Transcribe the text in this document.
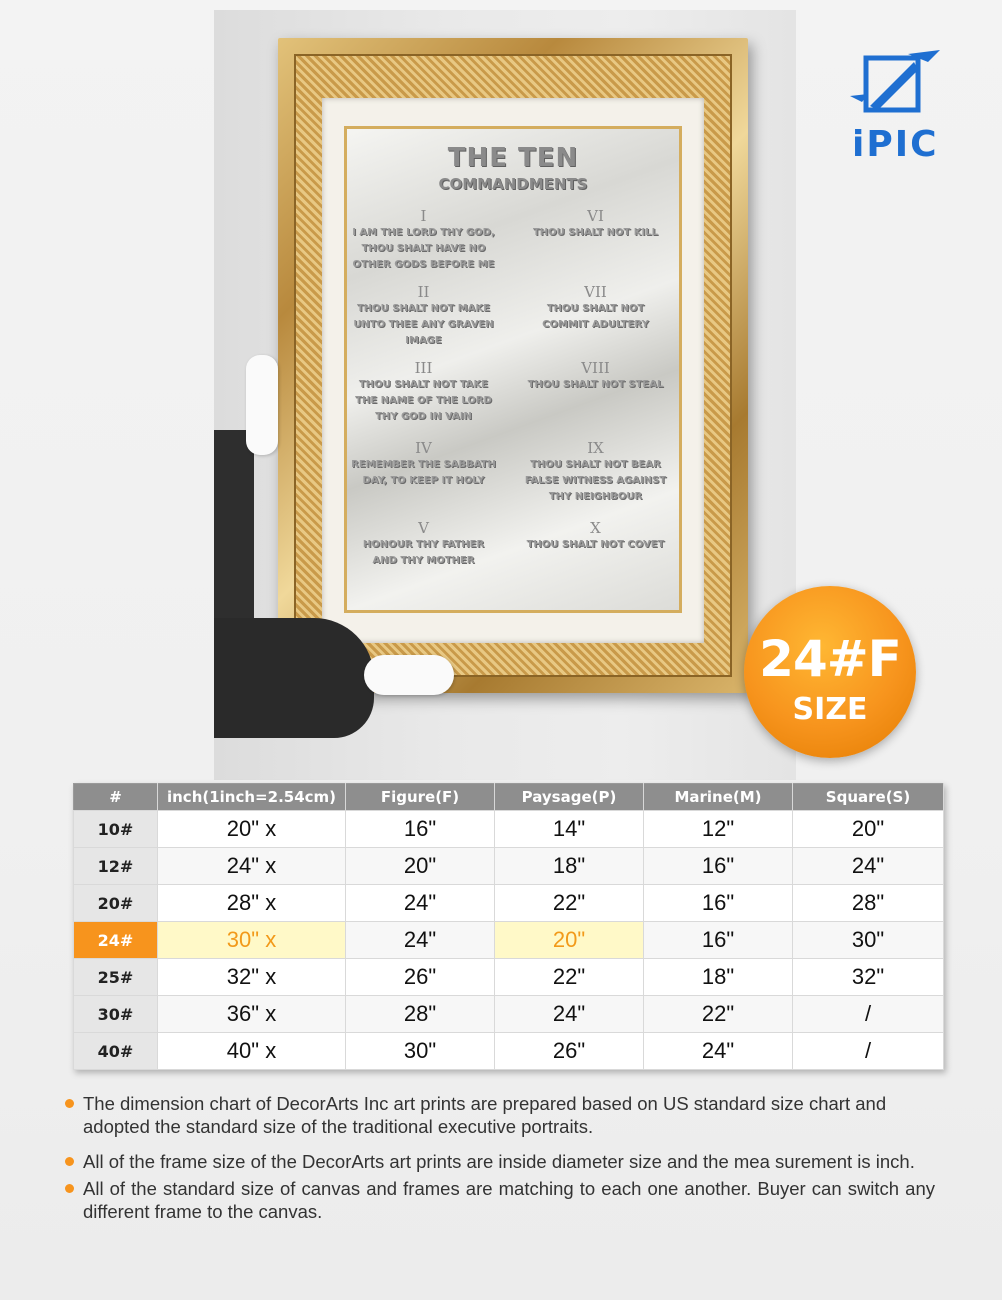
THE TEN
COMMANDMENTS
I
I AM THE LORD THY GOD, THOU SHALT HAVE NO OTHER GODS BEFORE ME
VI
THOU SHALT NOT KILL
II
THOU SHALT NOT MAKE UNTO THEE ANY GRAVEN IMAGE
VII
THOU SHALT NOT COMMIT ADULTERY
III
THOU SHALT NOT TAKE THE NAME OF THE LORD THY GOD IN VAIN
VIII
THOU SHALT NOT STEAL
IV
REMEMBER THE SABBATH DAY, TO KEEP IT HOLY
IX
THOU SHALT NOT BEAR FALSE WITNESS AGAINST THY NEIGHBOUR
V
HONOUR THY FATHER AND THY MOTHER
X
THOU SHALT NOT COVET
iPIC
24#F
SIZE
#	inch(1inch=2.54cm)	Figure(F)	Paysage(P)	Marine(M)	Square(S)
10#	20" x	16"	14"	12"	20"
12#	24" x	20"	18"	16"	24"
20#	28" x	24"	22"	16"	28"
24#	30" x	24"	20"	16"	30"
25#	32" x	26"	22"	18"	32"
30#	36" x	28"	24"	22"	/
40#	40" x	30"	26"	24"	/
The dimension chart of DecorArts Inc art prints are prepared based on US standard size chart and adopted the standard size of the traditional executive portraits.
All of the frame size of the DecorArts art prints are inside diameter size and the mea surement is inch.
All of the standard size of canvas and frames are matching to each one another. Buyer can switch any different frame to the canvas.
